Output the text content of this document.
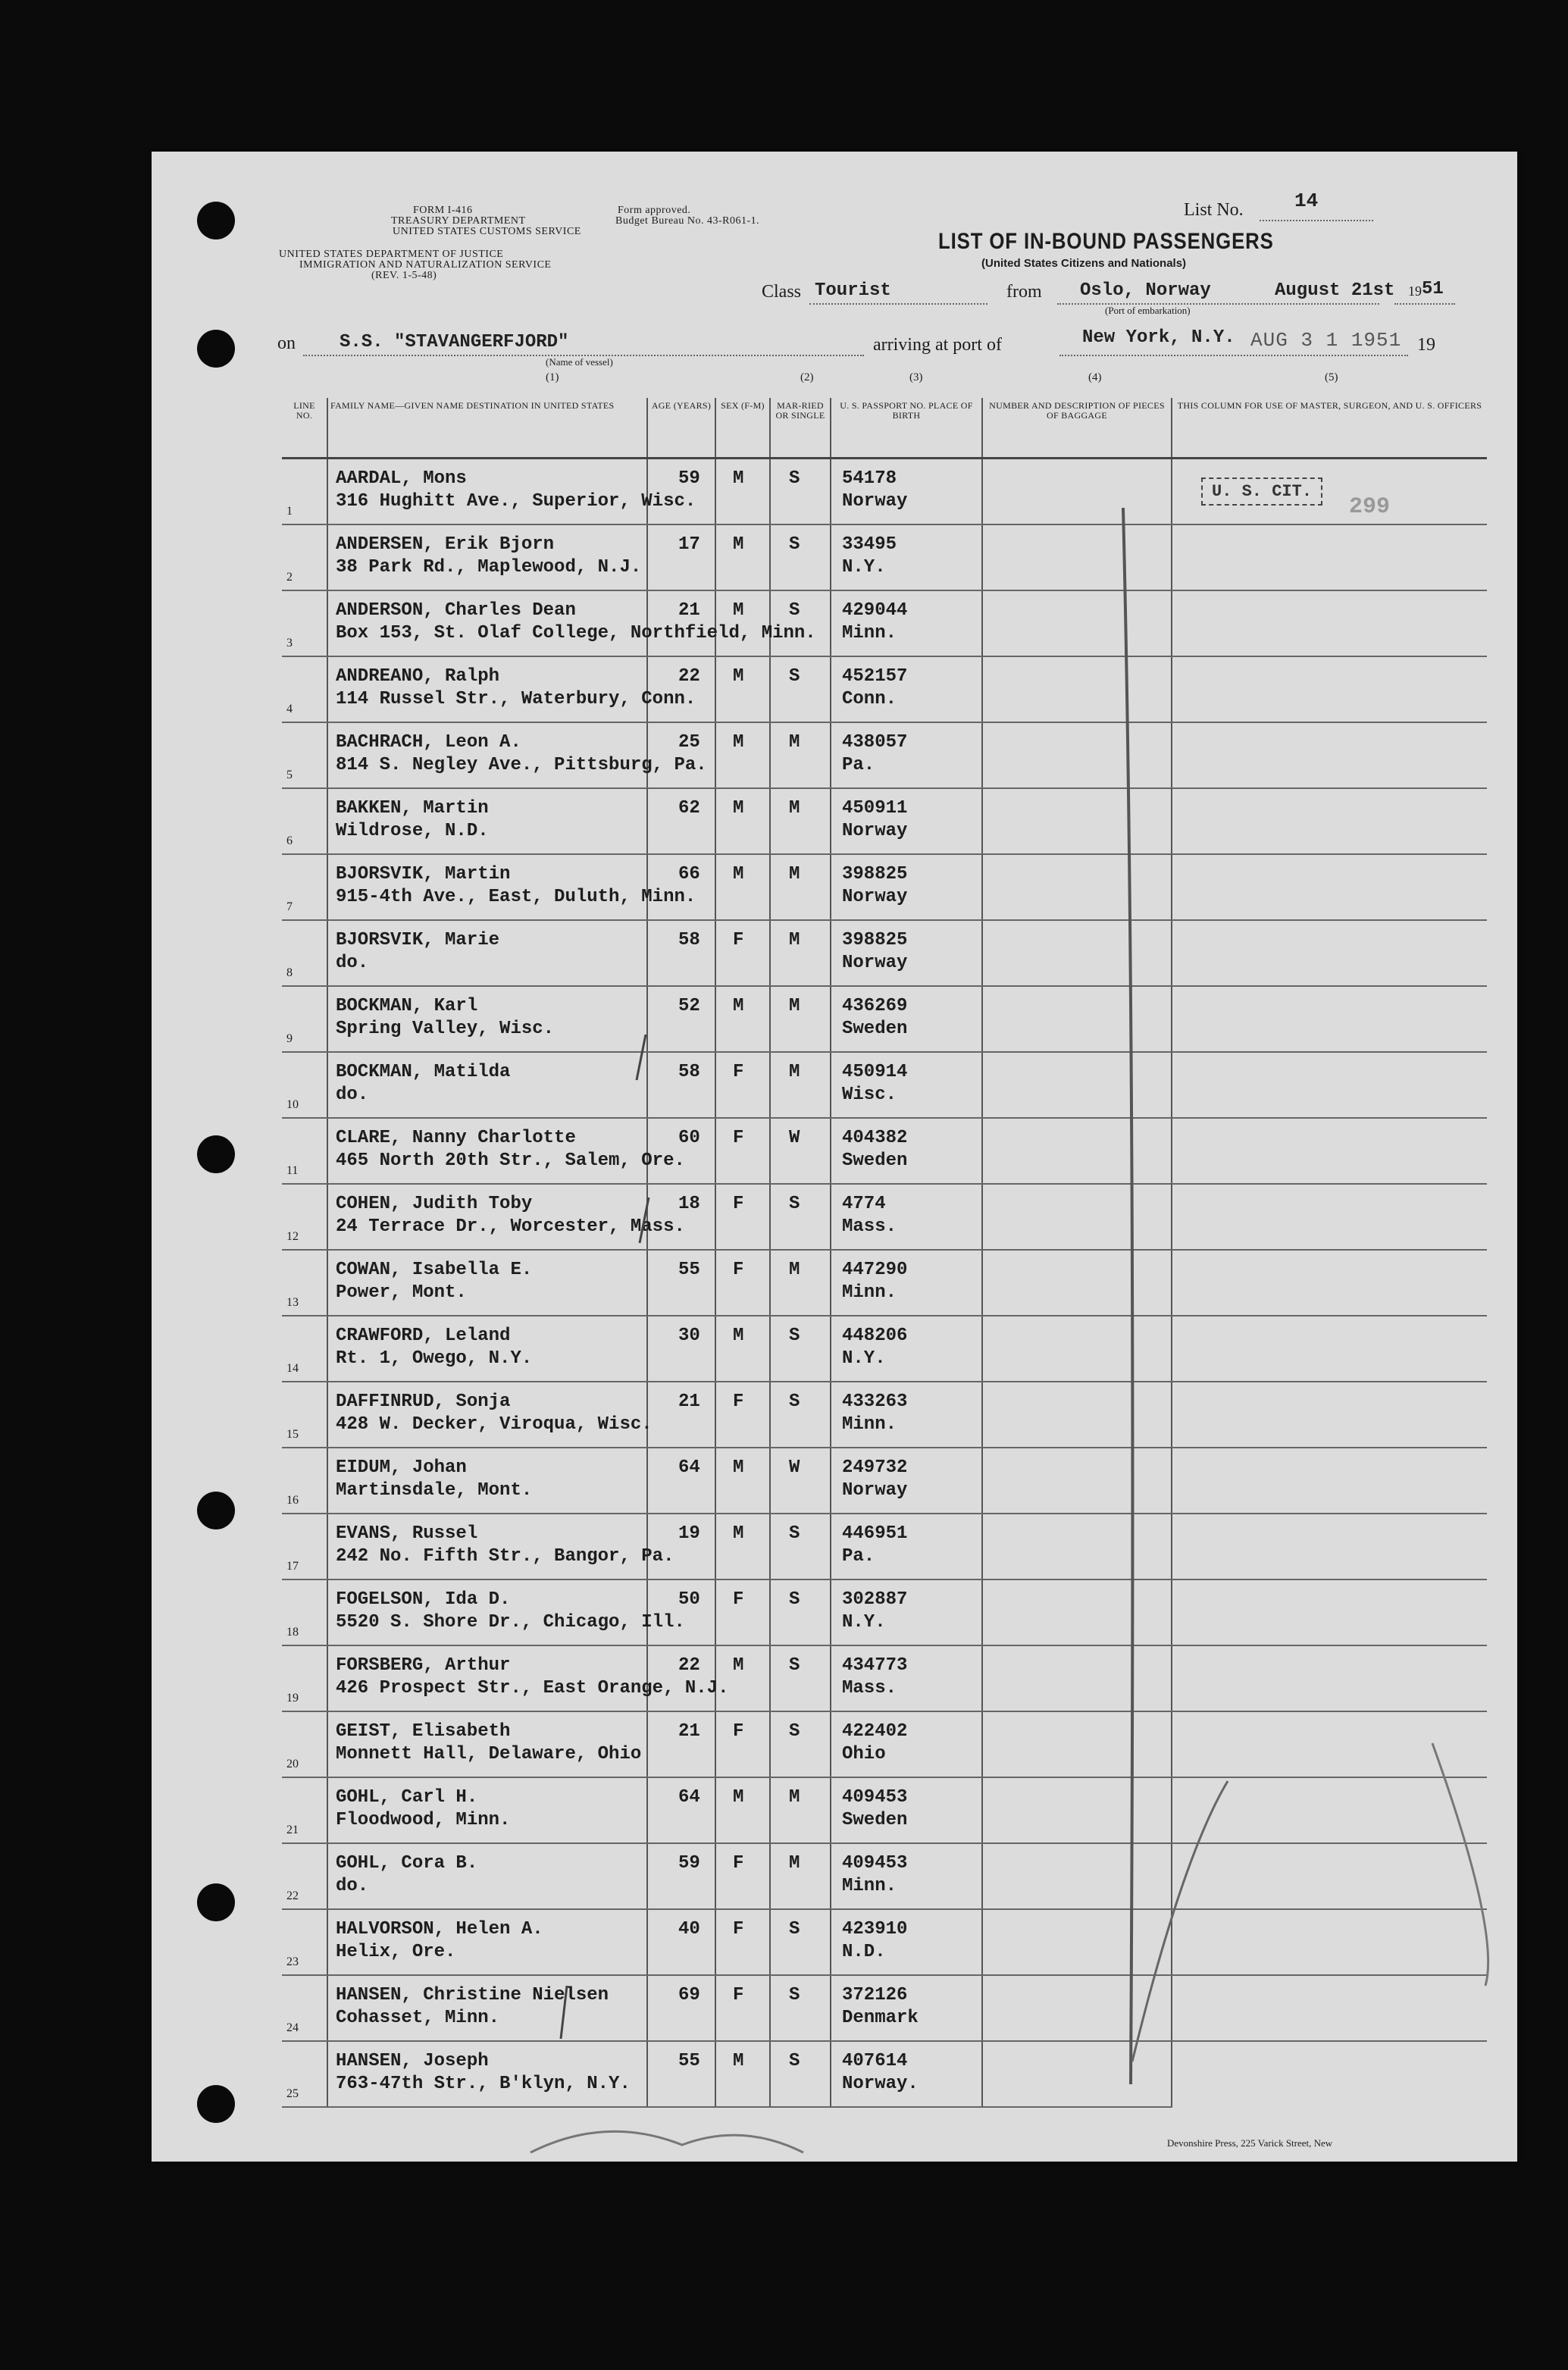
FORM I-416
TREASURY DEPARTMENT
UNITED STATES CUSTOMS SERVICE
UNITED STATES DEPARTMENT OF JUSTICE
IMMIGRATION AND NATURALIZATION SERVICE
(REV. 1-5-48)
Form approved.
Budget Bureau No. 43-R061-1.
List No.	14
LIST OF IN-BOUND PASSENGERS
(United States Citizens and Nationals)
Class Tourist	from Oslo, Norway
(Port of embarkation)
August 21st 19 51
on S.S. "STAVANGERFJORD"
(Name of vessel)
arriving at port of	New York, N.Y. AUG 3 1 1951 19
(1)	(2)	(3)	(4)	(5)
LINE NO.	FAMILY NAME—GIVEN NAME DESTINATION IN UNITED STATES	AGE (YEARS)	SEX (F-M)	MAR-RIED OR SINGLE	U. S. PASSPORT NO. PLACE OF BIRTH	NUMBER AND DESCRIPTION OF PIECES OF BAGGAGE	THIS COLUMN FOR USE OF MASTER, SURGEON, AND U. S. OFFICERS

1	AARDAL, Mons
316 Hughitt Ave., Superior, Wisc.	59	M	S	54178
Norway		

2	ANDERSEN, Erik Bjorn
38 Park Rd., Maplewood, N.J.	17	M	S	33495
N.Y.		

3	ANDERSON, Charles Dean
Box 153, St. Olaf College, Northfield, Minn.	21	M	S	429044
Minn.		

4	ANDREANO, Ralph
114 Russel Str., Waterbury, Conn.	22	M	S	452157
Conn.		

5	BACHRACH, Leon A.
814 S. Negley Ave., Pittsburg, Pa.	25	M	M	438057
Pa.		

6	BAKKEN, Martin
Wildrose, N.D.	62	M	M	450911
Norway		

7	BJORSVIK, Martin
915-4th Ave., East, Duluth, Minn.	66	M	M	398825
Norway		

8	BJORSVIK, Marie
do.	58	F	M	398825
Norway		

9	BOCKMAN, Karl
Spring Valley, Wisc.	52	M	M	436269
Sweden		

10	BOCKMAN, Matilda
do.	58	F	M	450914
Wisc.		

11	CLARE, Nanny Charlotte
465 North 20th Str., Salem, Ore.	60	F	W	404382
Sweden		

12	COHEN, Judith Toby
24 Terrace Dr., Worcester, Mass.	18	F	S	4774
Mass.		

13	COWAN, Isabella E.
Power, Mont.	55	F	M	447290
Minn.		

14	CRAWFORD, Leland
Rt. 1, Owego, N.Y.	30	M	S	448206
N.Y.		

15	DAFFINRUD, Sonja
428 W. Decker, Viroqua, Wisc.	21	F	S	433263
Minn.		

16	EIDUM, Johan
Martinsdale, Mont.	64	M	W	249732
Norway		

17	EVANS, Russel
242 No. Fifth Str., Bangor, Pa.	19	M	S	446951
Pa.		

18	FOGELSON, Ida D.
5520 S. Shore Dr., Chicago, Ill.	50	F	S	302887
N.Y.		

19	FORSBERG, Arthur
426 Prospect Str., East Orange, N.J.	22	M	S	434773
Mass.		

20	GEIST, Elisabeth
Monnett Hall, Delaware, Ohio	21	F	S	422402
Ohio		

21	GOHL, Carl H.
Floodwood, Minn.	64	M	M	409453
Sweden		

22	GOHL, Cora B.
do.	59	F	M	409453
Minn.		

23	HALVORSON, Helen A.
Helix, Ore.	40	F	S	423910
N.D.		

24	HANSEN, Christine Nielsen
Cohasset, Minn.	69	F	S	372126
Denmark		

25	HANSEN, Joseph
763-47th Str., B'klyn, N.Y.	55	M	S	407614
Norway.		

U. S. CIT.
299
Devonshire Press, 225 Varick Street, New
